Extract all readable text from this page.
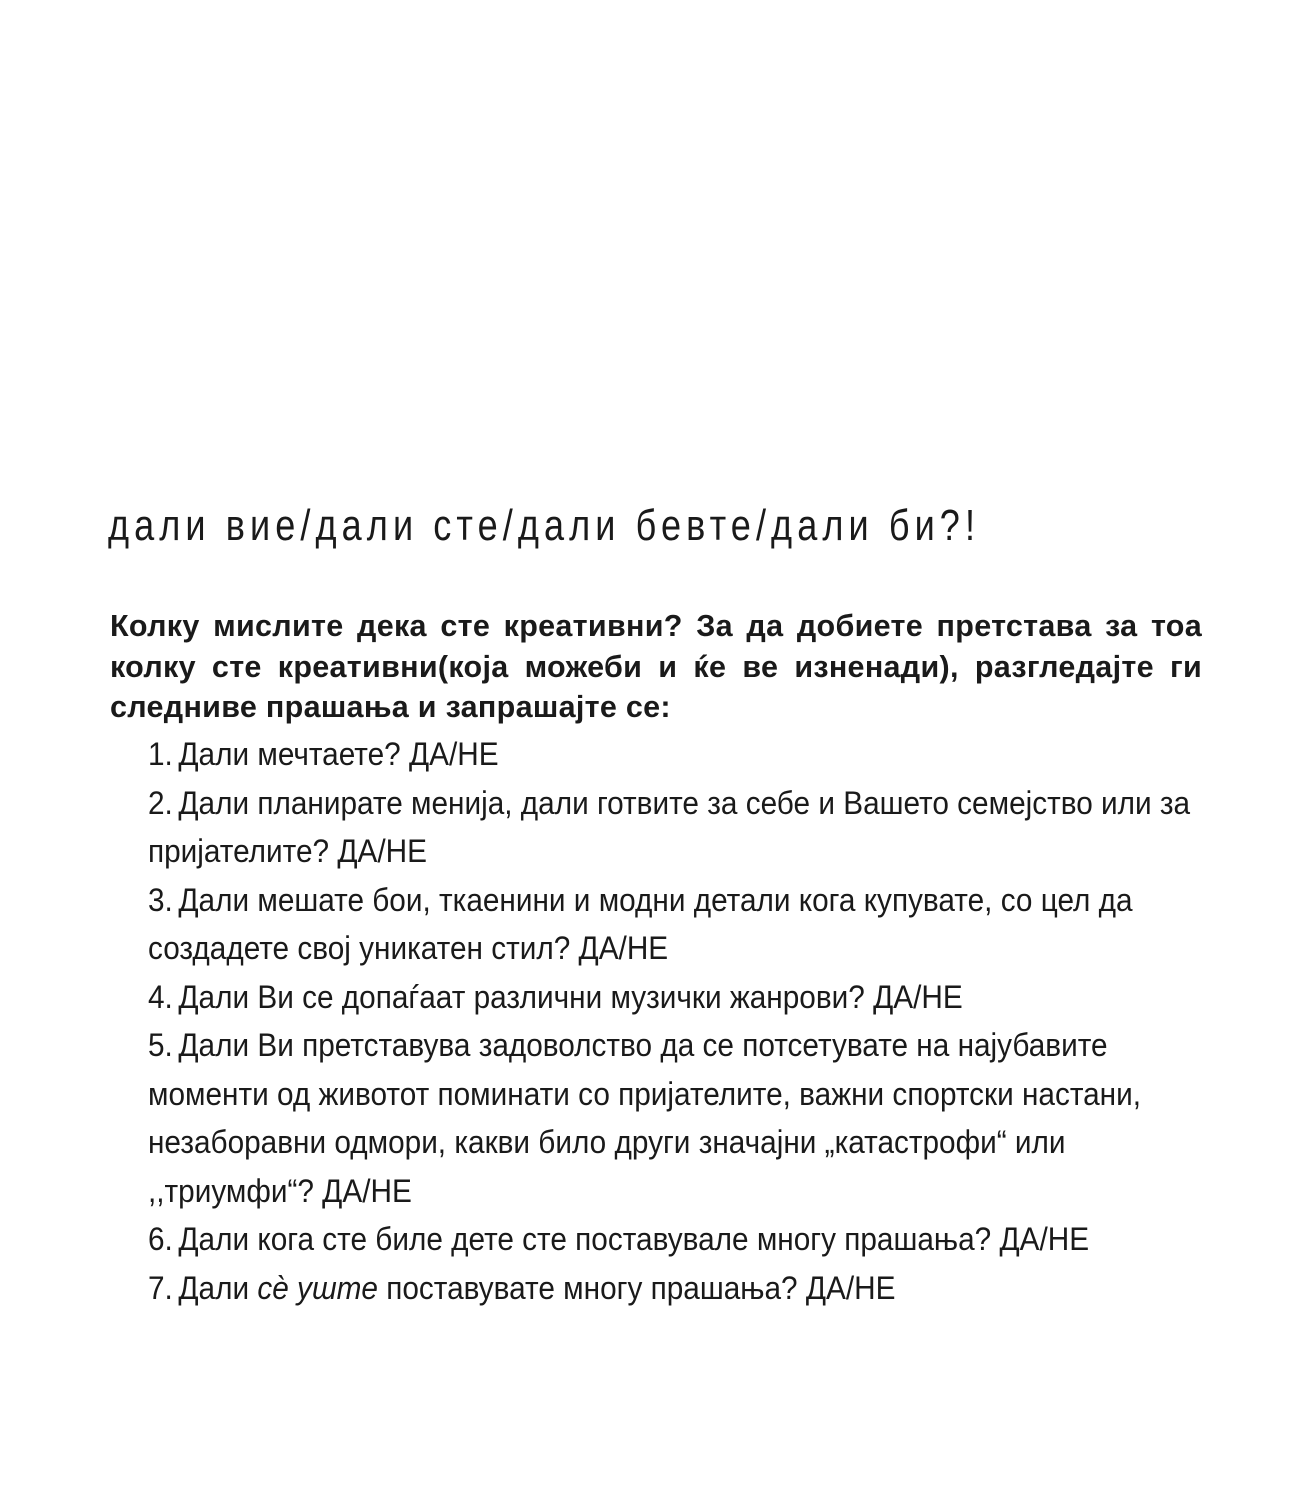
дали вие/дали сте/дали бевте/дали би?!

Колку мислите дека сте креативни? За да добиете претстава за тоа колку сте креативни(која можеби и ќе ве изненади), разгледајте ги следниве прашања и запрашајте се:

1. Дали мечтаете? ДА/НЕ
2. Дали планирате менија, дали готвите за себе и Вашето семејство или за пријателите? ДА/НЕ
3. Дали мешате бои, ткаенини и модни детали кога купувате, со цел да создадете свој уникатен стил? ДА/НЕ
4. Дали Ви се допаѓаат различни музички жанрови? ДА/НЕ
5. Дали Ви претставува задоволство да се потсетувате на најубавите моменти од животот поминати со пријателите, важни спортски настани, незаборавни одмори, какви било други значајни „катастрофи“ или ,,триумфи“? ДА/НЕ
6. Дали кога сте биле дете сте поставувале многу прашања? ДА/НЕ
7. Дали сè уште поставувате многу прашања? ДА/НЕ
